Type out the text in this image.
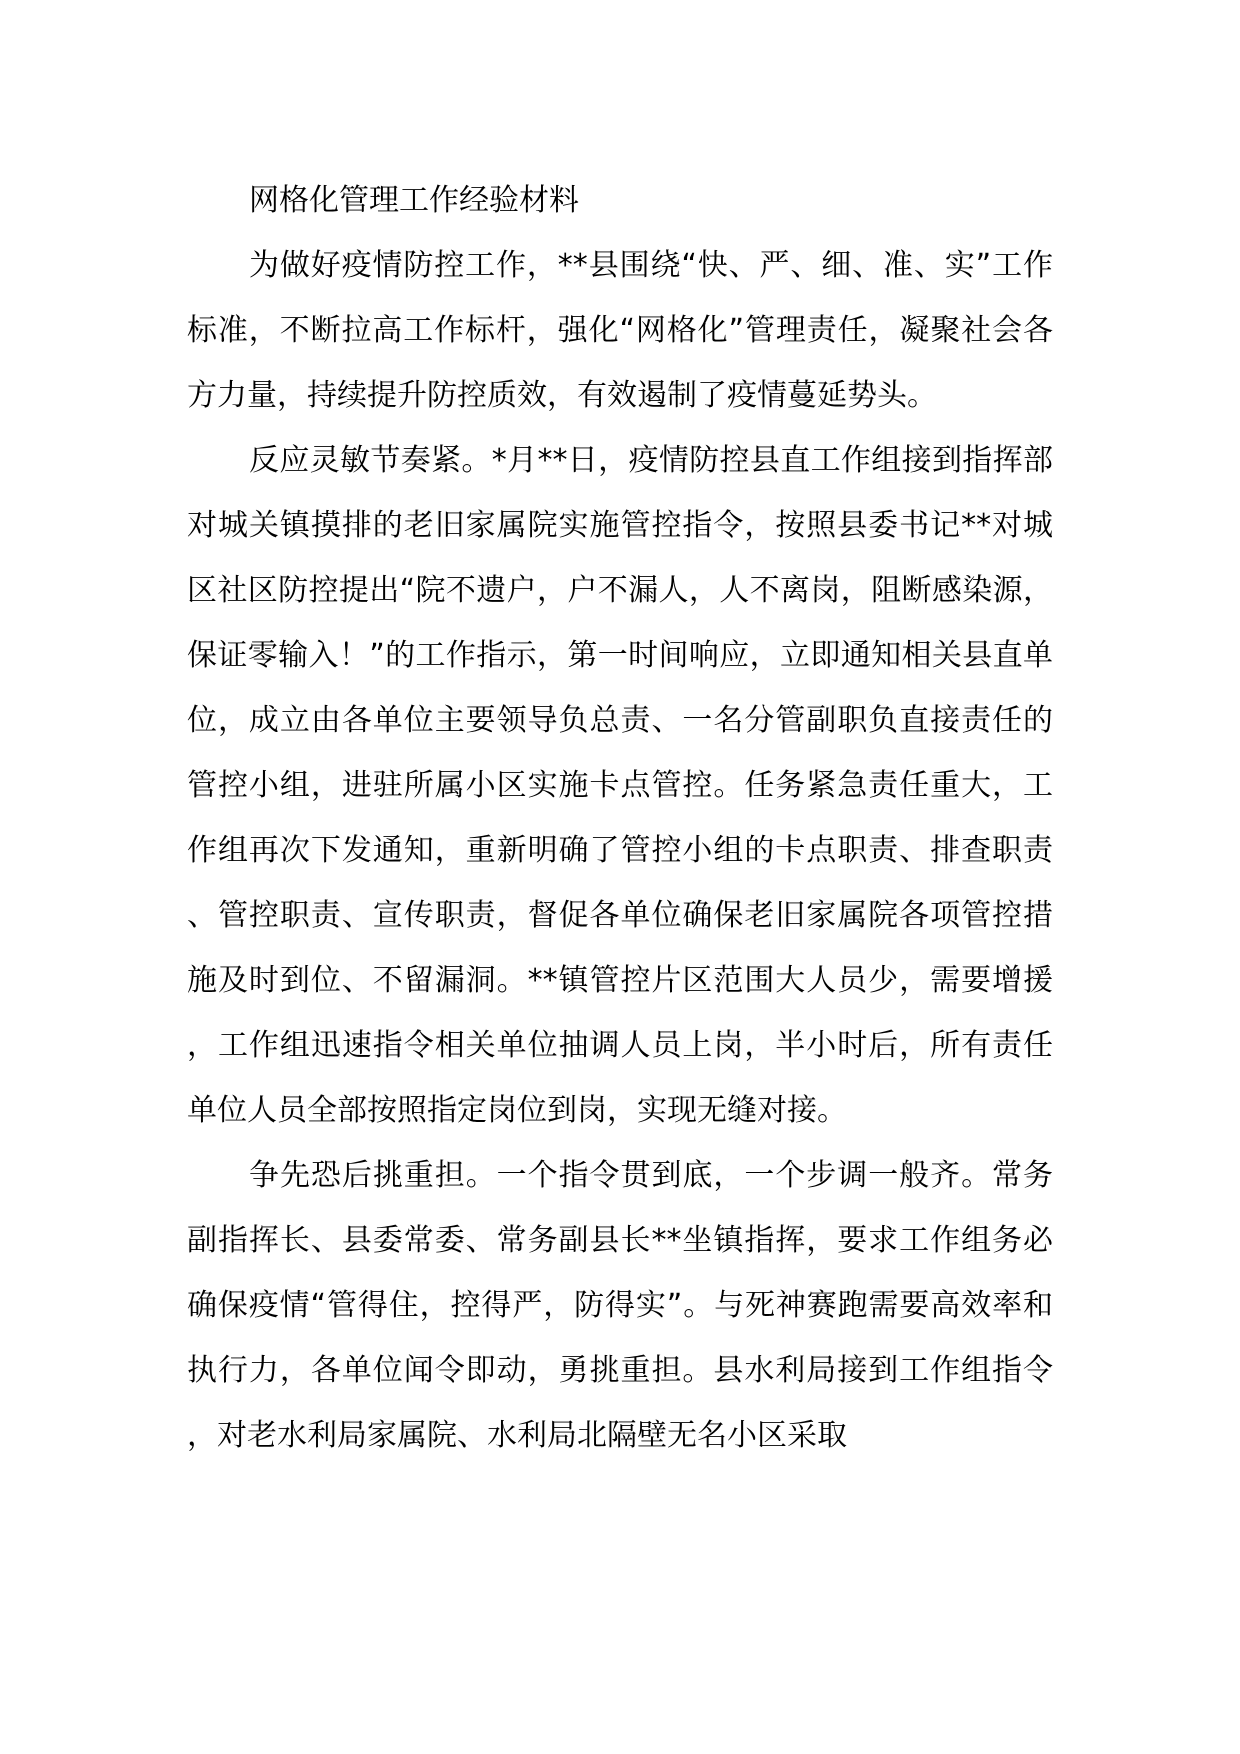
网格化管理工作经验材料

为做好疫情防控工作，**县围绕“快、严、细、准、实”工作标准，不断拉高工作标杆，强化“网格化”管理责任，凝聚社会各方力量，持续提升防控质效，有效遏制了疫情蔓延势头。

反应灵敏节奏紧。*月**日，疫情防控县直工作组接到指挥部对城关镇摸排的老旧家属院实施管控指令，按照县委书记**对城区社区防控提出“院不遗户，户不漏人，人不离岗，阻断感染源，保证零输入！”的工作指示，第一时间响应，立即通知相关县直单位，成立由各单位主要领导负总责、一名分管副职负直接责任的管控小组，进驻所属小区实施卡点管控。任务紧急责任重大，工作组再次下发通知，重新明确了管控小组的卡点职责、排查职责、管控职责、宣传职责，督促各单位确保老旧家属院各项管控措施及时到位、不留漏洞。**镇管控片区范围大人员少，需要增援，工作组迅速指令相关单位抽调人员上岗，半小时后，所有责任单位人员全部按照指定岗位到岗，实现无缝对接。

争先恐后挑重担。一个指令贯到底，一个步调一般齐。常务副指挥长、县委常委、常务副县长**坐镇指挥，要求工作组务必确保疫情“管得住，控得严，防得实”。与死神赛跑需要高效率和执行力，各单位闻令即动，勇挑重担。县水利局接到工作组指令，对老水利局家属院、水利局北隔壁无名小区采取
